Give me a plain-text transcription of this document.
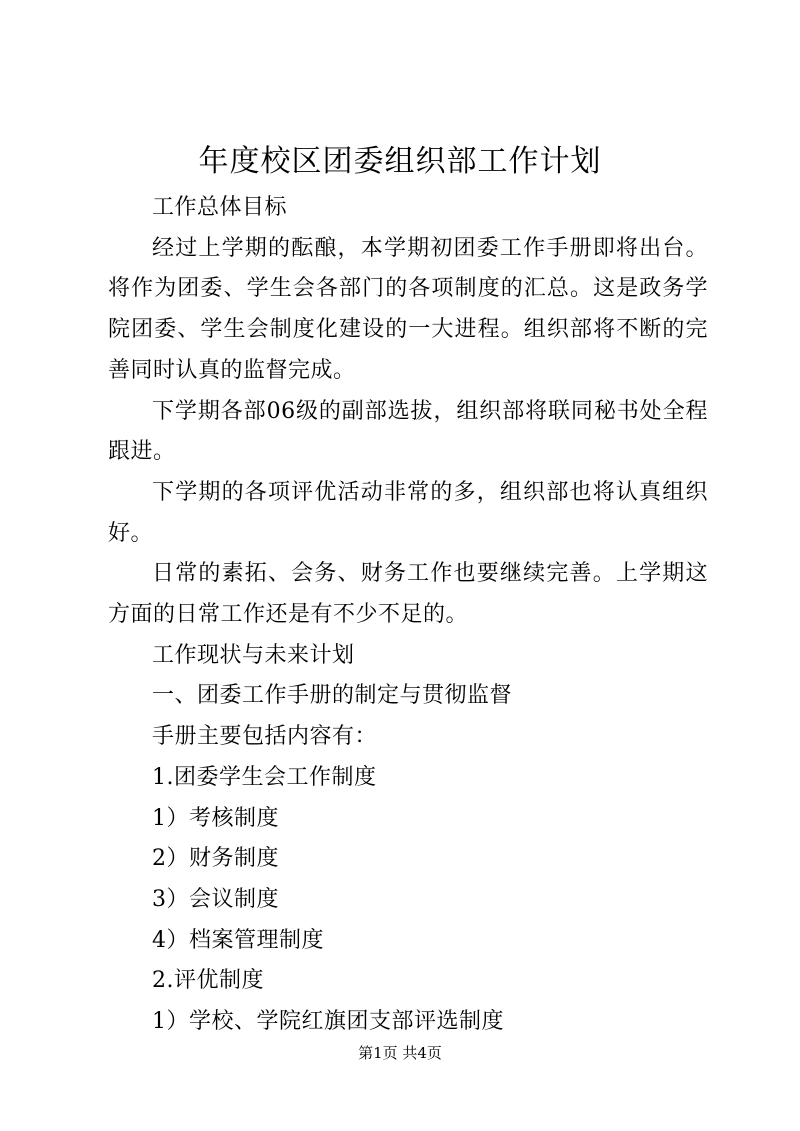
年度校区团委组织部工作计划

工作总体目标

经过上学期的酝酿，本学期初团委工作手册即将出台。将作为团委、学生会各部门的各项制度的汇总。这是政务学院团委、学生会制度化建设的一大进程。组织部将不断的完善同时认真的监督完成。

下学期各部06级的副部选拔，组织部将联同秘书处全程跟进。

下学期的各项评优活动非常的多，组织部也将认真组织好。

日常的素拓、会务、财务工作也要继续完善。上学期这方面的日常工作还是有不少不足的。

工作现状与未来计划

一、团委工作手册的制定与贯彻监督

手册主要包括内容有：

1.团委学生会工作制度

1）考核制度

2）财务制度

3）会议制度

4）档案管理制度

2.评优制度

1）学校、学院红旗团支部评选制度

第1页 共4页
